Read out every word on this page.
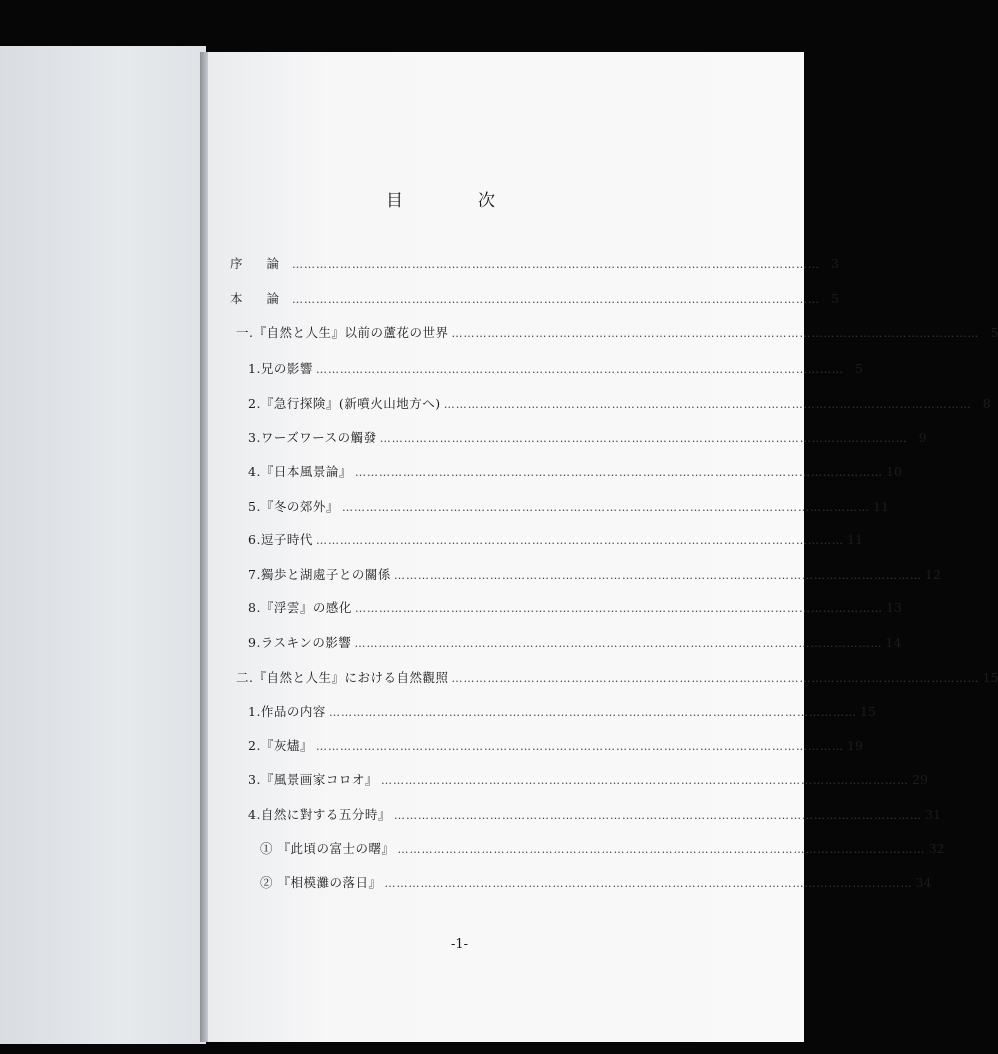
目	次
序 論 …………………………………………………………………………………………………………………… 3
本 論 …………………………………………………………………………………………………………………… 5
一.『自然と人生』以前の蘆花の世界 …………………………………………………………………………………………………………………… 5
1.兄の影響 …………………………………………………………………………………………………………………… 5
2.『急行探険』(新噴火山地方へ) …………………………………………………………………………………………………………………… 8
3.ワーズワースの觸發 …………………………………………………………………………………………………………………… 9
4.『日本風景論』 …………………………………………………………………………………………………………………… 10
5.『冬の郊外』 …………………………………………………………………………………………………………………… 11
6.逗子時代 …………………………………………………………………………………………………………………… 11
7.獨歩と湖處子との關係 …………………………………………………………………………………………………………………… 12
8.『浮雲』の感化 …………………………………………………………………………………………………………………… 13
9.ラスキンの影響 …………………………………………………………………………………………………………………… 14
二.『自然と人生』における自然觀照 …………………………………………………………………………………………………………………… 15
1.作品の内容 …………………………………………………………………………………………………………………… 15
2.『灰燼』 …………………………………………………………………………………………………………………… 19
3.『風景画家コロオ』 …………………………………………………………………………………………………………………… 29
4.自然に對する五分時』 …………………………………………………………………………………………………………………… 31
① 『此頃の富士の曙』 …………………………………………………………………………………………………………………… 32
② 『相模灘の落日』 …………………………………………………………………………………………………………………… 34
-1-
